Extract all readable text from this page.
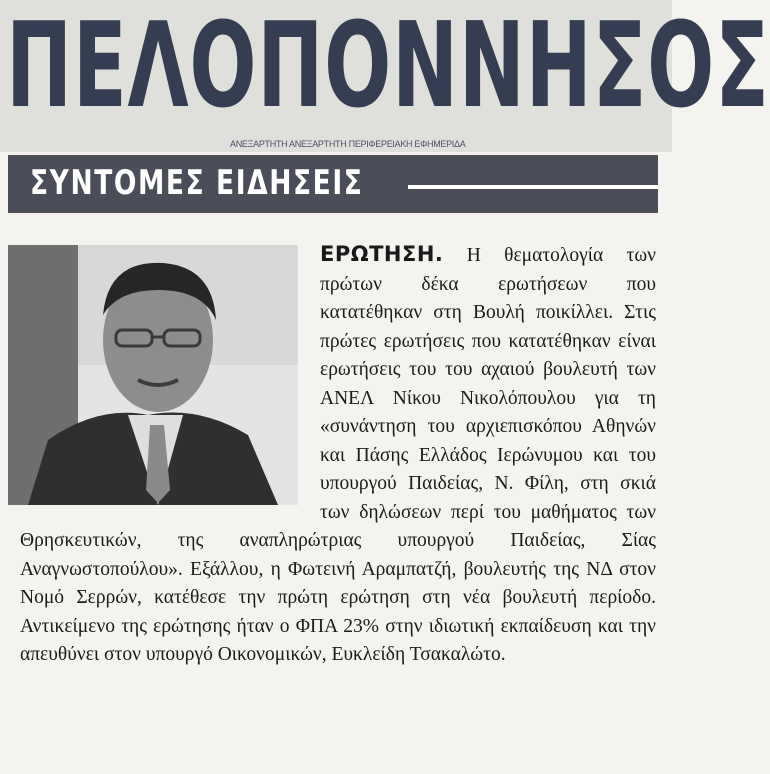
ΠΕΛΟΠΟΝΝΗΣΟΣ
ΑΝΕΞΑΡΤΗΤΗ ΑΝΕΞΑΡΤΗΤΗ ΠΕΡΙΦΕΡΕΙΑΚΗ ΕΦΗΜΕΡΙΔΑ
ΣΥΝΤΟΜΕΣ ΕΙΔΗΣΕΙΣ

ΕΡΩΤΗΣΗ. Η θεματολογία των πρώτων δέκα ερωτήσεων που κατατέθηκαν στη Βουλή ποικίλλει. Στις πρώτες ερωτήσεις που κατατέθηκαν είναι ερωτήσεις του του αχαιού βουλευτή των ΑΝΕΛ Νίκου Νικολόπουλου για τη «συνάντηση του αρχιεπισκόπου Αθηνών και Πάσης Ελλάδος Ιερώνυμου και του υπουργού Παιδείας, Ν. Φίλη, στη σκιά των δηλώσεων περί του μαθήματος των Θρησκευτικών, της αναπληρώτριας υπουργού Παιδείας, Σίας Αναγνωστοπούλου». Εξάλλου, η Φωτεινή Αραμπατζή, βουλευτής της ΝΔ στον Νομό Σερρών, κατέθεσε την πρώτη ερώτηση στη νέα βουλευτή περίοδο. Αντικείμενο της ερώτησης ήταν ο ΦΠΑ 23% στην ιδιωτική εκπαίδευση και την απευθύνει στον υπουργό Οικονομικών, Ευκλείδη Τσακαλώτο.
